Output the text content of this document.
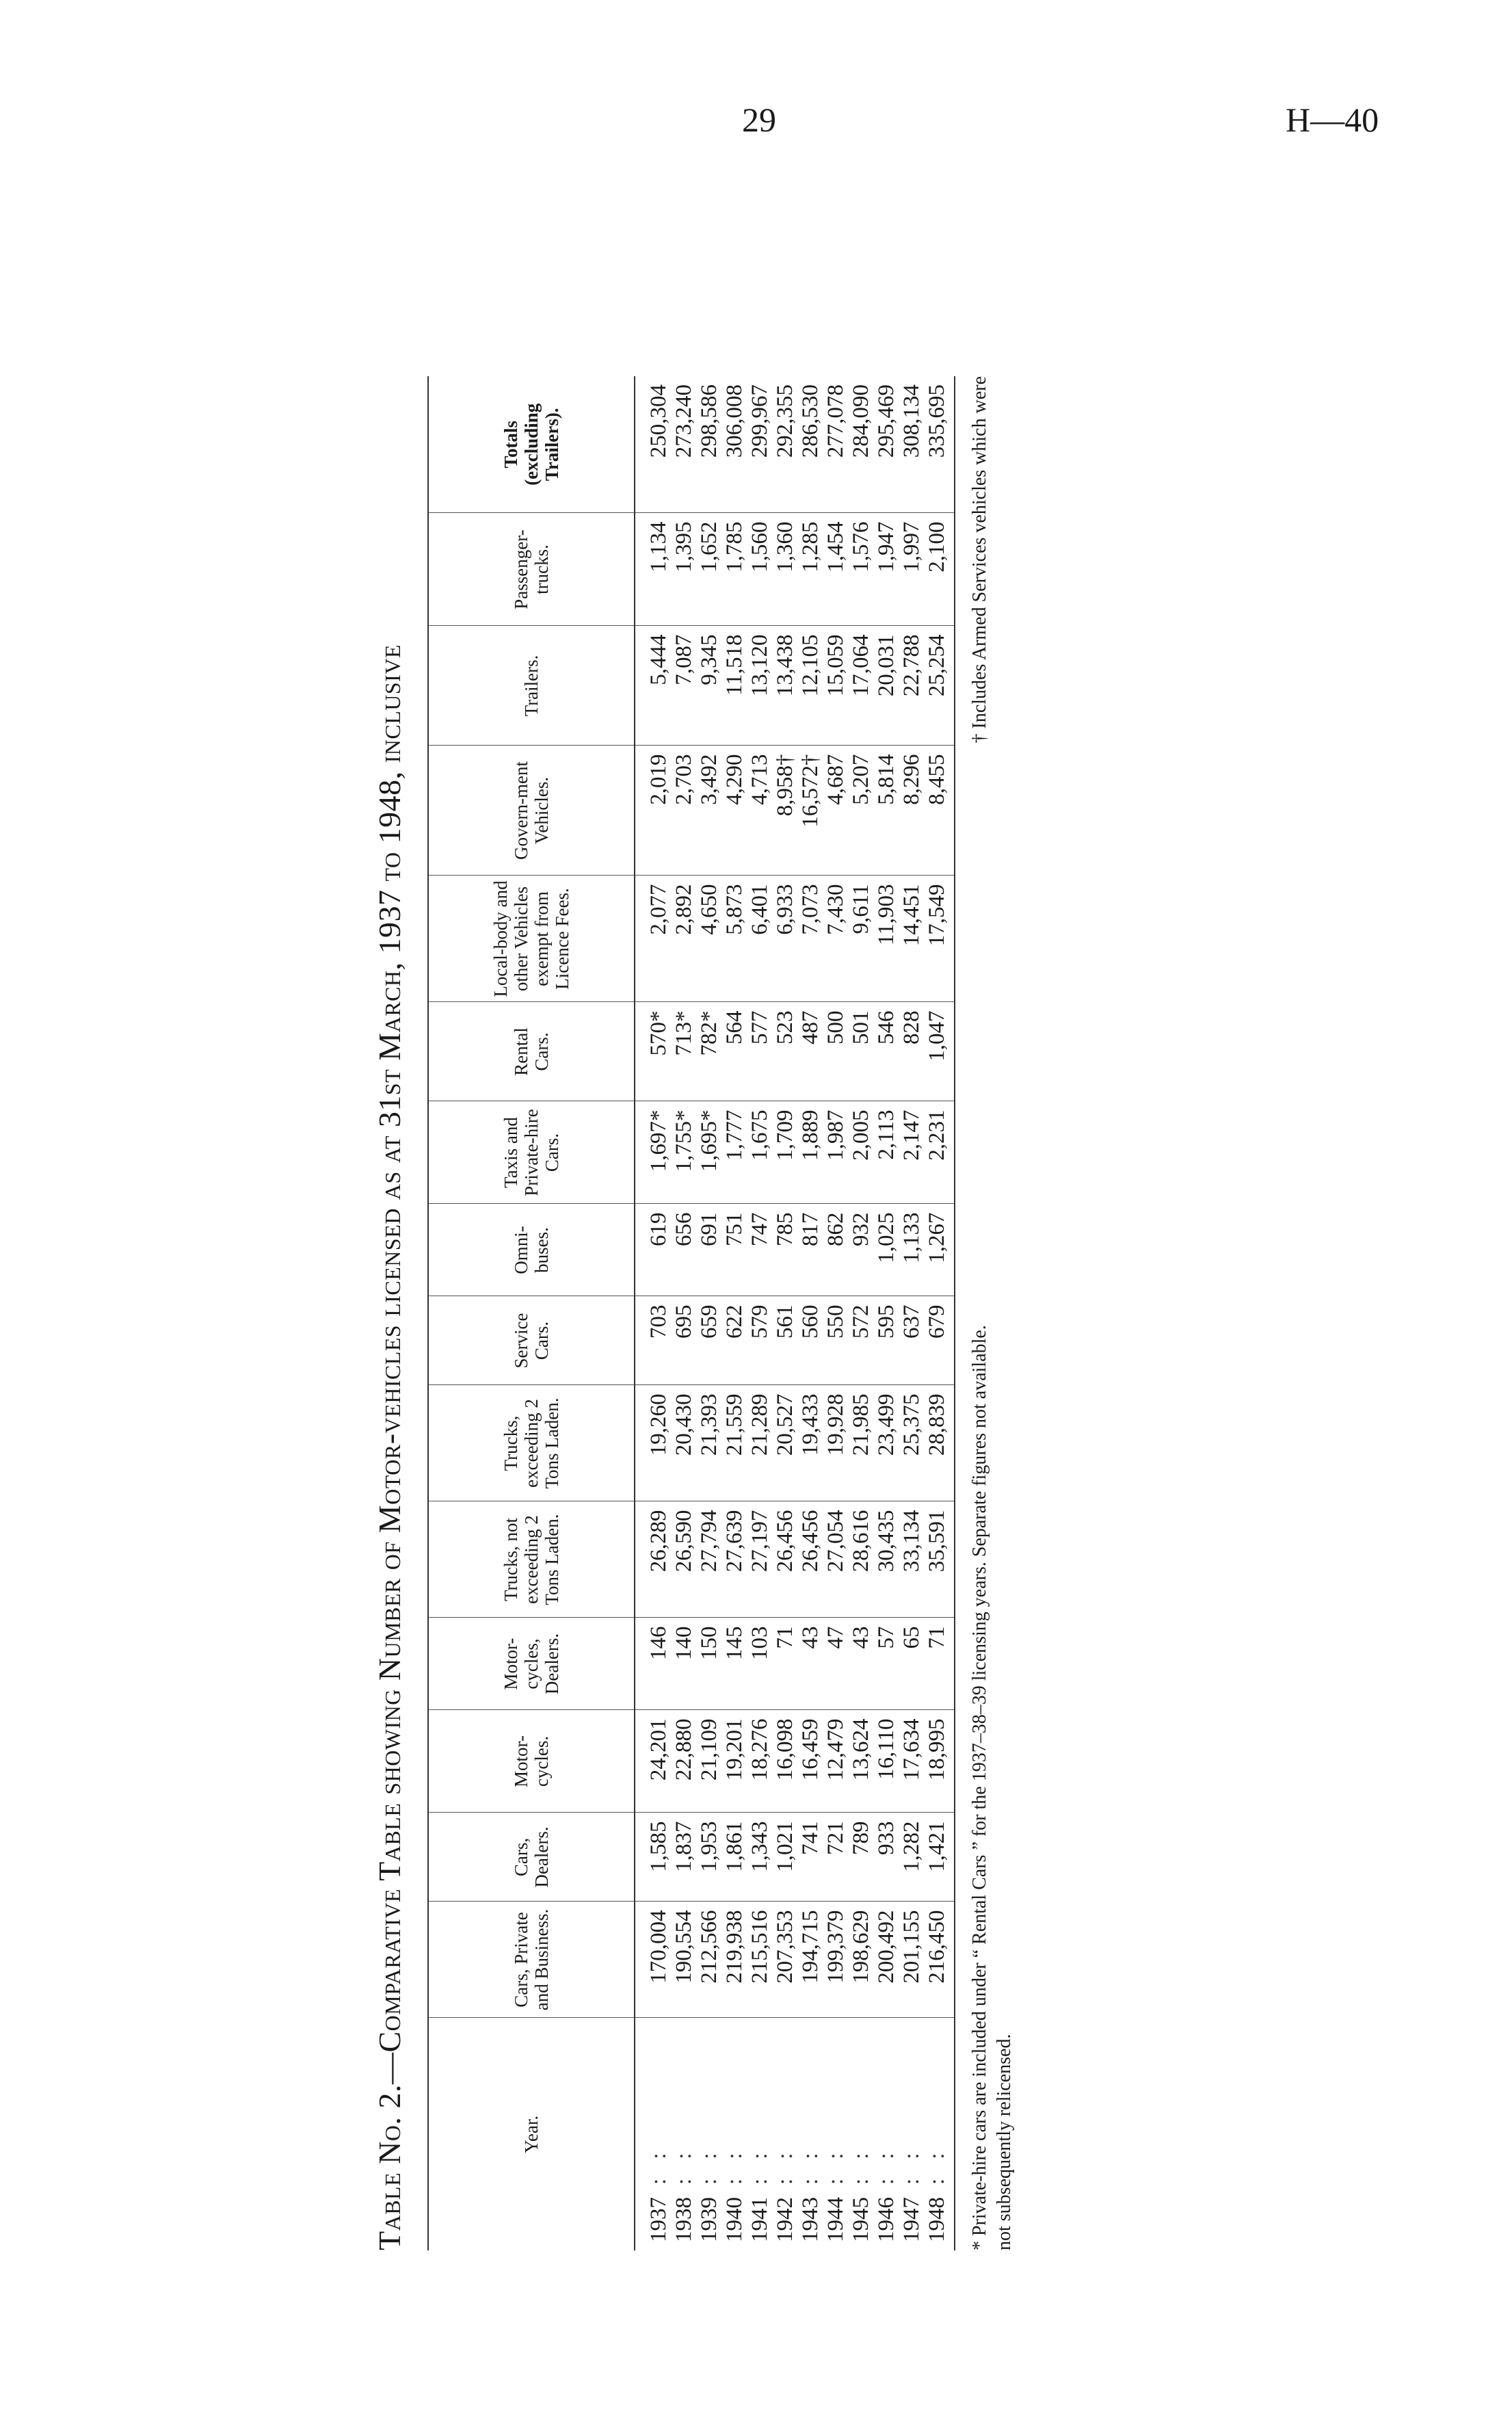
29	H—40
Table No. 2.—Comparative Table showing Number of Motor-vehicles licensed as at 31st March, 1937 to 1948, inclusive
Year.	Cars, Private and Business.	Cars, Dealers.	Motor-cycles.	Motor-cycles, Dealers.	Trucks, not exceeding 2 Tons Laden.	Trucks, exceeding 2 Tons Laden.	Service Cars.	Omni-buses.	Taxis and Private-hire Cars.	Rental Cars.	Local-body and other Vehicles exempt from Licence Fees.	Govern-ment Vehicles.	Trailers.	Passenger-trucks.	Totals (excluding Trailers).
1937: :	170,004	1,585	24,201	146	26,289	19,260	703	619	1,697*	570*	2,077	2,019	5,444	1,134	250,304
1938: :	190,554	1,837	22,880	140	26,590	20,430	695	656	1,755*	713*	2,892	2,703	7,087	1,395	273,240
1939: :	212,566	1,953	21,109	150	27,794	21,393	659	691	1,695*	782*	4,650	3,492	9,345	1,652	298,586
1940: :	219,938	1,861	19,201	145	27,639	21,559	622	751	1,777	564	5,873	4,290	11,518	1,785	306,008
1941: :	215,516	1,343	18,276	103	27,197	21,289	579	747	1,675	577	6,401	4,713	13,120	1,560	299,967
1942: :	207,353	1,021	16,098	71	26,456	20,527	561	785	1,709	523	6,933	8,958†	13,438	1,360	292,355
1943: :	194,715	741	16,459	43	26,456	19,433	560	817	1,889	487	7,073	16,572†	12,105	1,285	286,530
1944: :	199,379	721	12,479	47	27,054	19,928	550	862	1,987	500	7,430	4,687	15,059	1,454	277,078
1945: :	198,629	789	13,624	43	28,616	21,985	572	932	2,005	501	9,611	5,207	17,064	1,576	284,090
1946: :	200,492	933	16,110	57	30,435	23,499	595	1,025	2,113	546	11,903	5,814	20,031	1,947	295,469
1947: :	201,155	1,282	17,634	65	33,134	25,375	637	1,133	2,147	828	14,451	8,296	22,788	1,997	308,134
1948: :	216,450	1,421	18,995	71	35,591	28,839	679	1,267	2,231	1,047	17,549	8,455	25,254	2,100	335,695
* Private-hire cars are included under “ Rental Cars ” for the 1937–38–39 licensing years. Separate figures not available.
† Includes Armed Services vehicles which were
not subsequently relicensed.
